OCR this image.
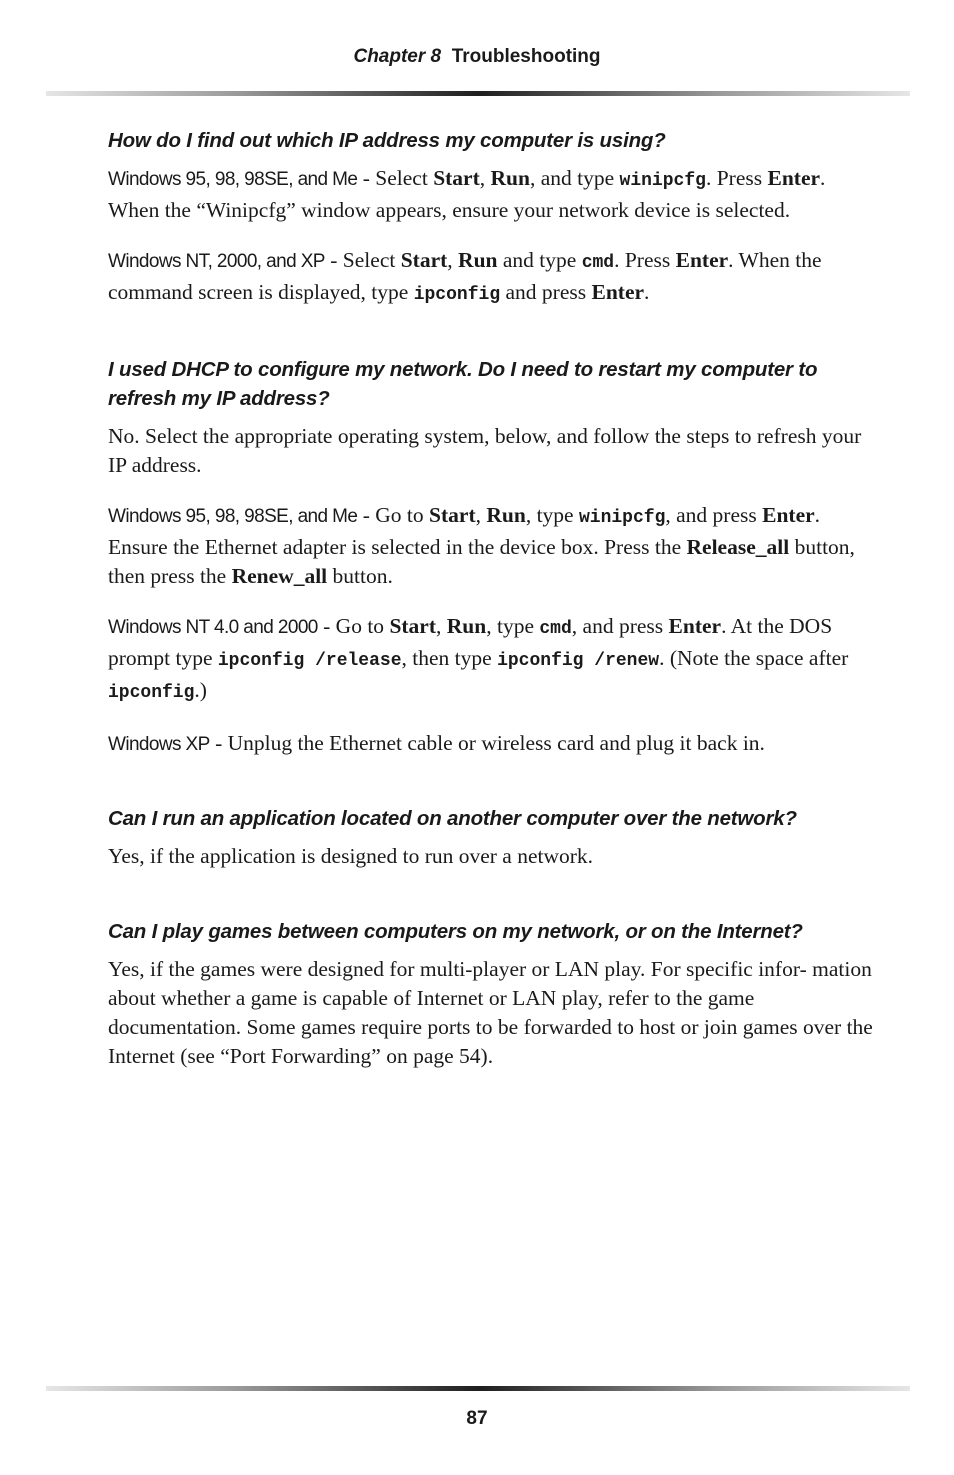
Chapter 8 Troubleshooting
How do I find out which IP address my computer is using?

Windows 95, 98, 98SE, and Me - Select Start, Run, and type winipcfg. Press Enter. When the “Winipcfg” window appears, ensure your network device is selected.

Windows NT, 2000, and XP - Select Start, Run and type cmd. Press Enter. When the command screen is displayed, type ipconfig and press Enter.

I used DHCP to configure my network. Do I need to restart my computer to refresh my IP address?

No. Select the appropriate operating system, below, and follow the steps to refresh your IP address.

Windows 95, 98, 98SE, and Me - Go to Start, Run, type winipcfg, and press Enter. Ensure the Ethernet adapter is selected in the device box. Press the Release_all button, then press the Renew_all button.

Windows NT 4.0 and 2000 - Go to Start, Run, type cmd, and press Enter. At the DOS prompt type ipconfig /release, then type ipconfig /renew. (Note the space after ipconfig.)

Windows XP - Unplug the Ethernet cable or wireless card and plug it back in.

Can I run an application located on another computer over the network?

Yes, if the application is designed to run over a network.

Can I play games between computers on my network, or on the Internet?

Yes, if the games were designed for multi-player or LAN play. For specific infor- mation about whether a game is capable of Internet or LAN play, refer to the game documentation. Some games require ports to be forwarded to host or join games over the Internet (see “Port Forwarding” on page 54).

87
